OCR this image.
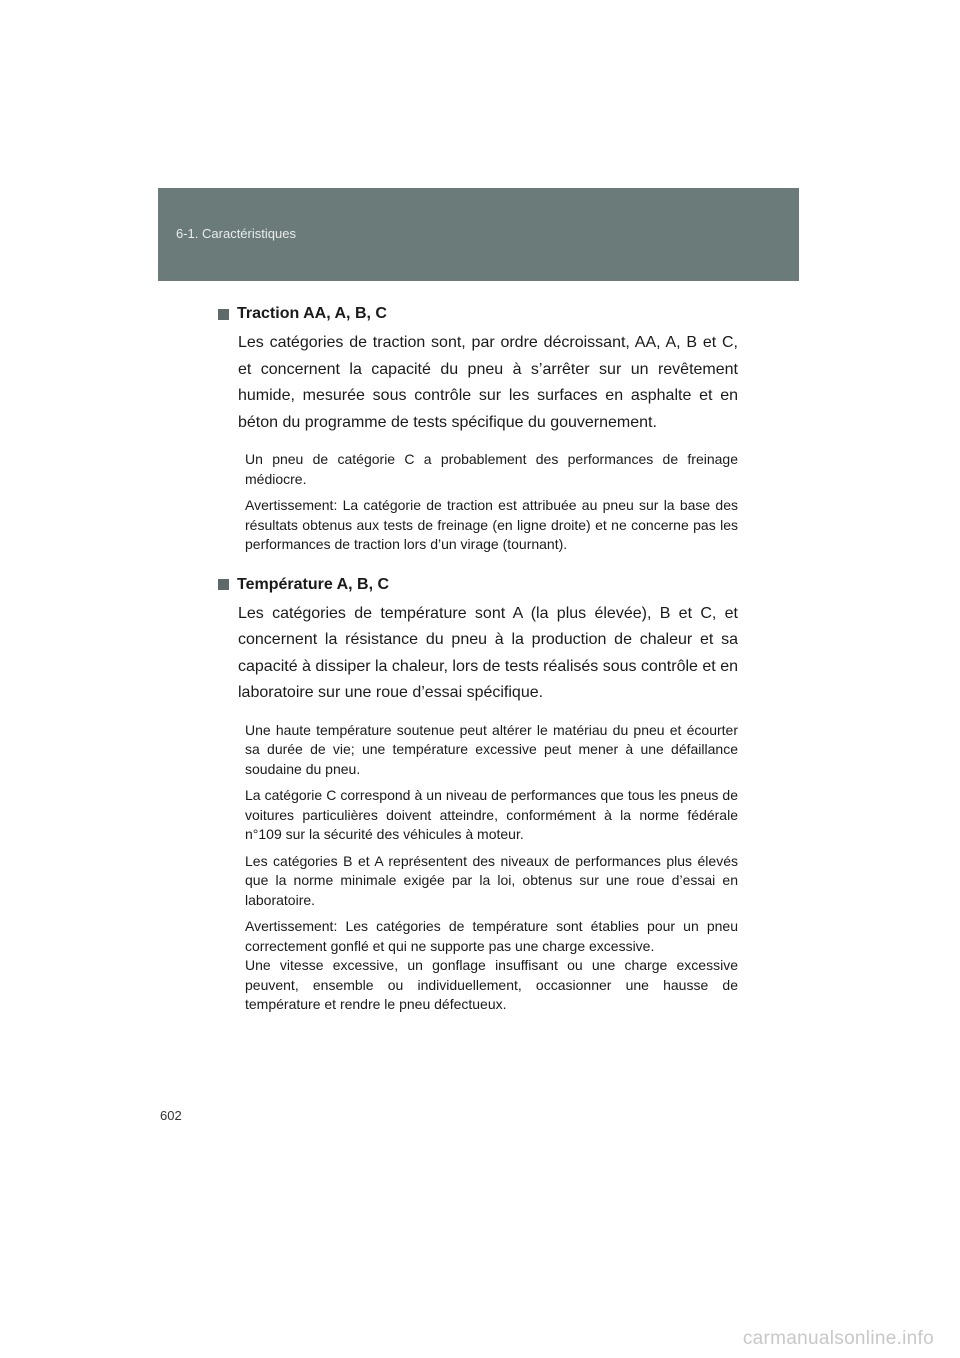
6-1. Caractéristiques

Traction AA, A, B, C

Les catégories de traction sont, par ordre décroissant, AA, A, B et C, et concernent la capacité du pneu à s’arrêter sur un revêtement humide, mesurée sous contrôle sur les surfaces en asphalte et en béton du programme de tests spécifique du gouvernement.

Un pneu de catégorie C a probablement des performances de freinage médiocre.

Avertissement: La catégorie de traction est attribuée au pneu sur la base des résultats obtenus aux tests de freinage (en ligne droite) et ne concerne pas les performances de traction lors d’un virage (tournant).

Température A, B, C

Les catégories de température sont A (la plus élevée), B et C, et concernent la résistance du pneu à la production de chaleur et sa capacité à dissiper la chaleur, lors de tests réalisés sous contrôle et en laboratoire sur une roue d’essai spécifique.

Une haute température soutenue peut altérer le matériau du pneu et écourter sa durée de vie; une température excessive peut mener à une défaillance soudaine du pneu.

La catégorie C correspond à un niveau de performances que tous les pneus de voitures particulières doivent atteindre, conformément à la norme fédérale n°109 sur la sécurité des véhicules à moteur.

Les catégories B et A représentent des niveaux de performances plus élevés que la norme minimale exigée par la loi, obtenus sur une roue d’essai en laboratoire.

Avertissement: Les catégories de température sont établies pour un pneu correctement gonflé et qui ne supporte pas une charge excessive.

Une vitesse excessive, un gonflage insuffisant ou une charge excessive peuvent, ensemble ou individuellement, occasionner une hausse de température et rendre le pneu défectueux.

602
carmanualsonline.info
